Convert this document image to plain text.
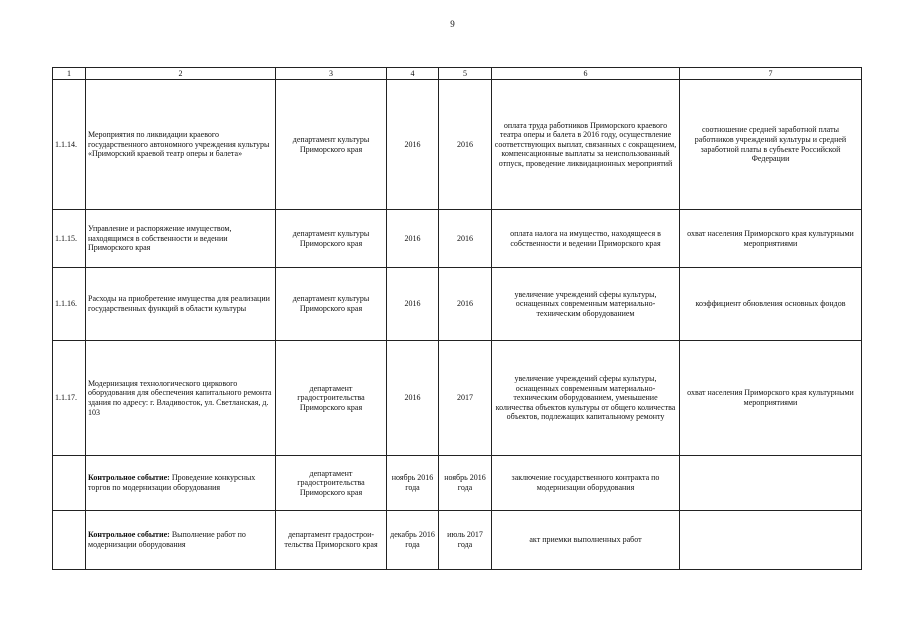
9
1	2	3	4	5	6	7
1.1.14.	Мероприятия по ликвидации краевого государственного автономного учреждения культуры «Приморский краевой театр оперы и балета»	департамент культуры Приморского края	2016	2016	оплата труда работников Приморского краевого театра оперы и балета в 2016 году, осуществление соответствующих выплат, связанных с сокращением, компенсационные выплаты за неиспользованный отпуск, проведение ликвидационных мероприятий	соотношение средней заработной платы работников учреждений культуры и средней заработной платы в субъекте Российской Федерации
1.1.15.	Управление и распоряжение имуществом, находящимся в собственности и ведении Приморского края	департамент культуры Приморского края	2016	2016	оплата налога на имущество, находящееся в собственности и ведении Приморского края	охват населения Приморского края культурными мероприятиями
1.1.16.	Расходы на приобретение имущества для реализации государственных функций в области культуры	департамент культуры Приморского края	2016	2016	увеличение учреждений сферы культуры, оснащенных современным материально-техническим оборудованием	коэффициент обновления основных фондов
1.1.17.	Модернизация технологического циркового оборудования для обеспечения капитального ремонта здания по адресу: г. Владивосток, ул. Светланская, д. 103	департамент градостроительства Приморского края	2016	2017	увеличение учреждений сферы культуры, оснащенных современным материально-техническим оборудованием, уменьшение количества объектов культуры от общего количества объектов, подлежащих капитальному ремонту	охват населения Приморского края культурными мероприятиями
	Контрольное событие: Проведение конкурсных торгов по модернизации оборудования	департамент градостроительства Приморского края	ноябрь 2016 года	ноябрь 2016 года	заключение государственного контракта по модернизации оборудования	
	Контрольное событие: Выполнение работ по модернизации оборудования	департамент градострои-тельства Приморского края	декабрь 2016 года	июль 2017 года	акт приемки выполненных работ	
